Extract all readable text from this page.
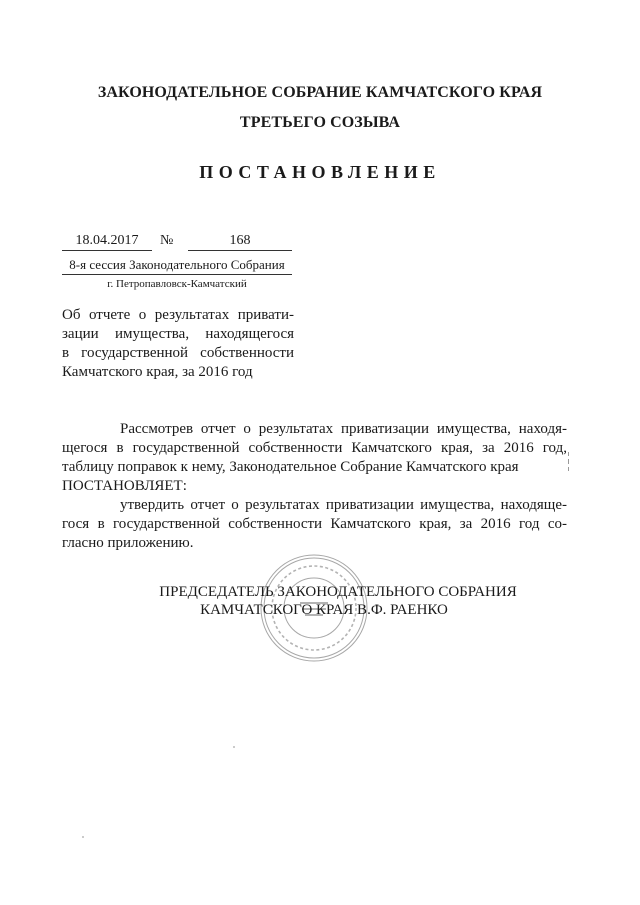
ЗАКОНОДАТЕЛЬНОЕ СОБРАНИЕ КАМЧАТСКОГО КРАЯ
ТРЕТЬЕГО СОЗЫВА
ПОСТАНОВЛЕНИЕ
18.04.2017	№	168
8-я сессия Законодательного Собрания
г. Петропавловск-Камчатский
Об отчете о результатах привати-
зации имущества, находящегося
в государственной собственности
Камчатского края, за 2016 год
Рассмотрев отчет о результатах приватизации имущества, находя-
щегося в государственной собственности Камчатского края, за 2016 год,
таблицу поправок к нему, Законодательное Собрание Камчатского края
ПОСТАНОВЛЯЕТ:
утвердить отчет о результатах приватизации имущества, находяще-
гося в государственной собственности Камчатского края, за 2016 год со-
гласно приложению.
ПРЕДСЕДАТЕЛЬ ЗАКОНОДАТЕЛЬНОГО СОБРАНИЯ
КАМЧАТСКОГО КРАЯ В.Ф. РАЕНКО
